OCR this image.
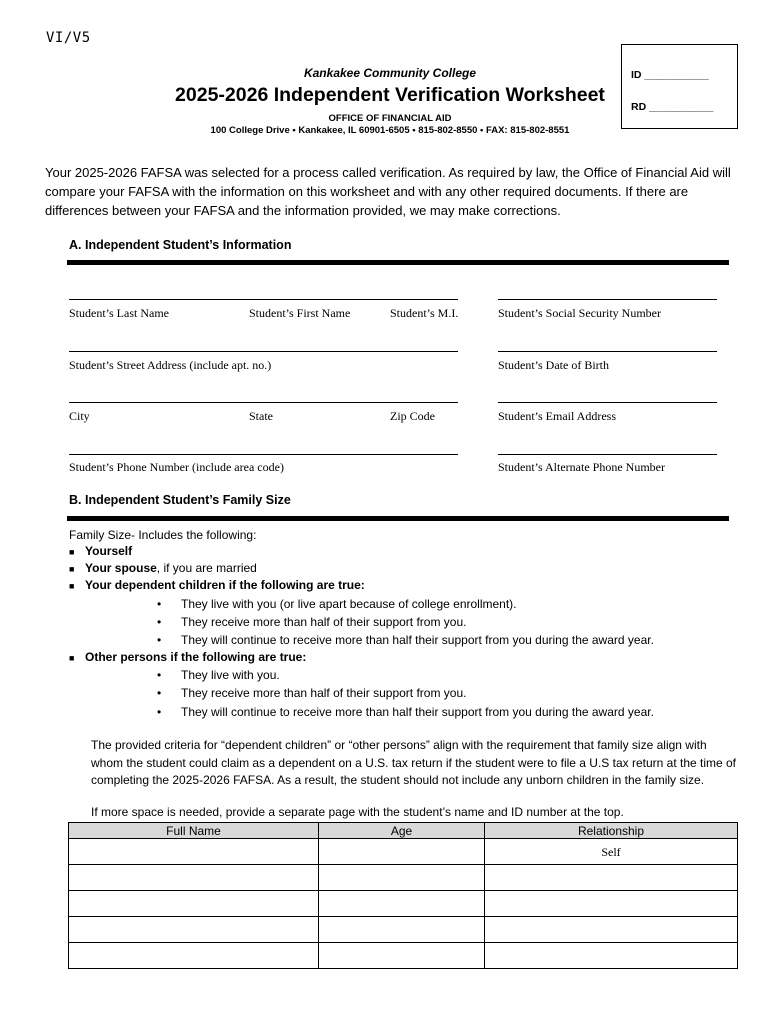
VI/V5
Kankakee Community College
2025-2026 Independent Verification Worksheet
OFFICE OF FINANCIAL AID
100 College Drive • Kankakee, IL 60901-6505 • 815-802-8550 • FAX: 815-802-8551
ID ___________
RD ___________
Your 2025-2026 FAFSA was selected for a process called verification. As required by law, the Office of Financial Aid will compare your FAFSA with the information on this worksheet and with any other required documents. If there are differences between your FAFSA and the information provided, we may make corrections.
A. Independent Student’s Information
Student’s Last Name	Student’s First Name	Student’s M.I.	Student’s Social Security Number
Student’s Street Address (include apt. no.)	Student’s Date of Birth
City	State	Zip Code	Student’s Email Address
Student’s Phone Number (include area code)	Student’s Alternate Phone Number
B. Independent Student’s Family Size
Family Size- Includes the following:
■ Yourself
■ Your spouse, if you are married
■ Your dependent children if the following are true:
• They live with you (or live apart because of college enrollment).
• They receive more than half of their support from you.
• They will continue to receive more than half their support from you during the award year.
■ Other persons if the following are true:
• They live with you.
• They receive more than half of their support from you.
• They will continue to receive more than half their support from you during the award year.
The provided criteria for “dependent children” or “other persons” align with the requirement that family size align with whom the student could claim as a dependent on a U.S. tax return if the student were to file a U.S tax return at the time of completing the 2025-2026 FAFSA. As a result, the student should not include any unborn children in the family size.
If more space is needed, provide a separate page with the student’s name and ID number at the top.
Full Name	Age	Relationship
		Self
